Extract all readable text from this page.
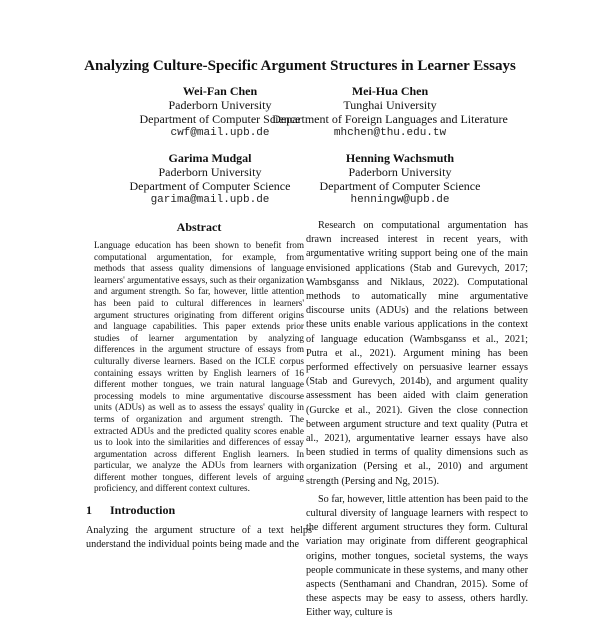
Analyzing Culture-Specific Argument Structures in Learner Essays
Wei-Fan Chen
Paderborn University
Department of Computer Science
cwf@mail.upb.de
Mei-Hua Chen
Tunghai University
Department of Foreign Languages and Literature
mhchen@thu.edu.tw
Garima Mudgal
Paderborn University
Department of Computer Science
garima@mail.upb.de
Henning Wachsmuth
Paderborn University
Department of Computer Science
henningw@upb.de
Abstract
Language education has been shown to benefit from computational argumentation, for example, from methods that assess quality dimensions of language learners' argumentative essays, such as their organization and argument strength. So far, however, little attention has been paid to cultural differences in learners' argument structures originating from different origins and language capabilities. This paper extends prior studies of learner argumentation by analyzing differences in the argument structure of essays from culturally diverse learners. Based on the ICLE corpus containing essays written by English learners of 16 different mother tongues, we train natural language processing models to mine argumentative discourse units (ADUs) as well as to assess the essays' quality in terms of organization and argument strength. The extracted ADUs and the predicted quality scores enable us to look into the similarities and differences of essay argumentation across different English learners. In particular, we analyze the ADUs from learners with different mother tongues, different levels of arguing proficiency, and different context cultures.
1 Introduction

Analyzing the argument structure of a text helps understand the individual points being made and the

Research on computational argumentation has drawn increased interest in recent years, with argumentative writing support being one of the main envisioned applications (Stab and Gurevych, 2017; Wambsganss and Niklaus, 2022). Computational methods to automatically mine argumentative discourse units (ADUs) and the relations between these units enable various applications in the context of language education (Wambsganss et al., 2021; Putra et al., 2021). Argument mining has been performed effectively on persuasive learner essays (Stab and Gurevych, 2014b), and argument quality assessment has been aided with claim generation (Gurcke et al., 2021). Given the close connection between argument structure and text quality (Putra et al., 2021), argumentative learner essays have also been studied in terms of quality dimensions such as organization (Persing et al., 2010) and argument strength (Persing and Ng, 2015).

So far, however, little attention has been paid to the cultural diversity of language learners with respect to the different argument structures they form. Cultural variation may originate from different geographical origins, mother tongues, societal systems, the ways people communicate in these systems, and many other aspects (Senthamani and Chandran, 2015). Some of these aspects may be easy to assess, others hardly. Either way, culture is
